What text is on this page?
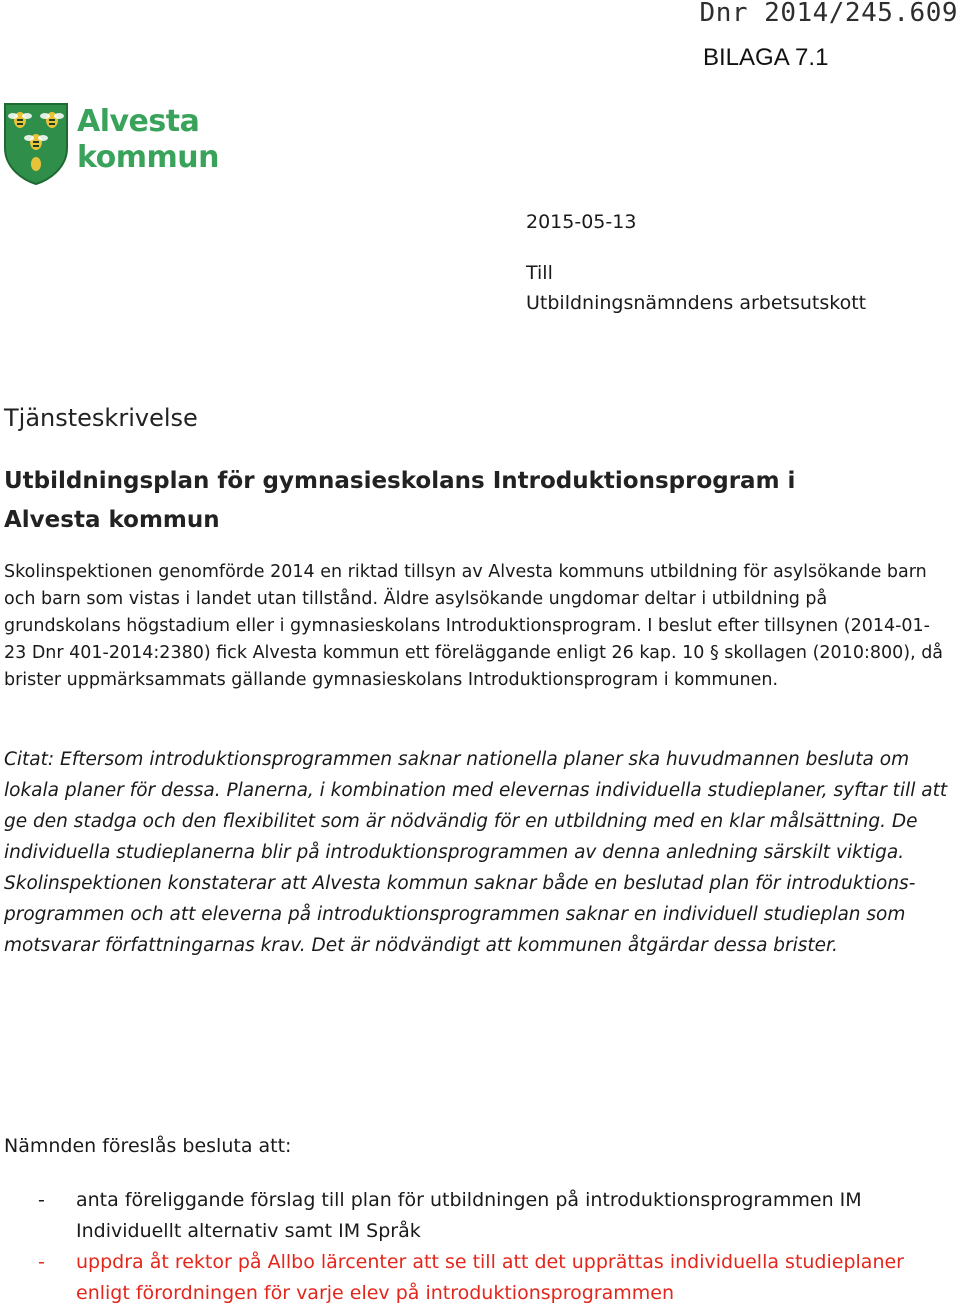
Dnr 2014/245.609
BILAGA 7.1
Alvesta
kommun
2015-05-13
Till
Utbildningsnämndens arbetsutskott
Tjänsteskrivelse
Utbildningsplan för gymnasieskolans Introduktionsprogram i Alvesta kommun
Skolinspektionen genomförde 2014 en riktad tillsyn av Alvesta kommuns utbildning för asylsökande barn och barn som vistas i landet utan tillstånd. Äldre asylsökande ungdomar deltar i utbildning på grundskolans högstadium eller i gymnasieskolans Introduktionsprogram. I beslut efter tillsynen (2014-01-23 Dnr 401-2014:2380) fick Alvesta kommun ett föreläggande enligt 26 kap. 10 § skollagen (2010:800), då brister uppmärksammats gällande gymnasieskolans Introduktionsprogram i kommunen.
Citat: Eftersom introduktionsprogrammen saknar nationella planer ska huvudmannen besluta om lokala planer för dessa. Planerna, i kombination med elevernas individuella studieplaner, syftar till att ge den stadga och den flexibilitet som är nödvändig för en utbildning med en klar målsättning. De individuella studieplanerna blir på introduktionsprogrammen av denna anledning särskilt viktiga. Skolinspektionen konstaterar att Alvesta kommun saknar både en beslutad plan för introduktions-programmen och att eleverna på introduktionsprogrammen saknar en individuell studieplan som motsvarar författningarnas krav. Det är nödvändigt att kommunen åtgärdar dessa brister.
Nämnden föreslås besluta att:
- anta föreliggande förslag till plan för utbildningen på introduktionsprogrammen IM Individuellt alternativ samt IM Språk
- uppdra åt rektor på Allbo lärcenter att se till att det upprättas individuella studieplaner enligt förordningen för varje elev på introduktionsprogrammen
